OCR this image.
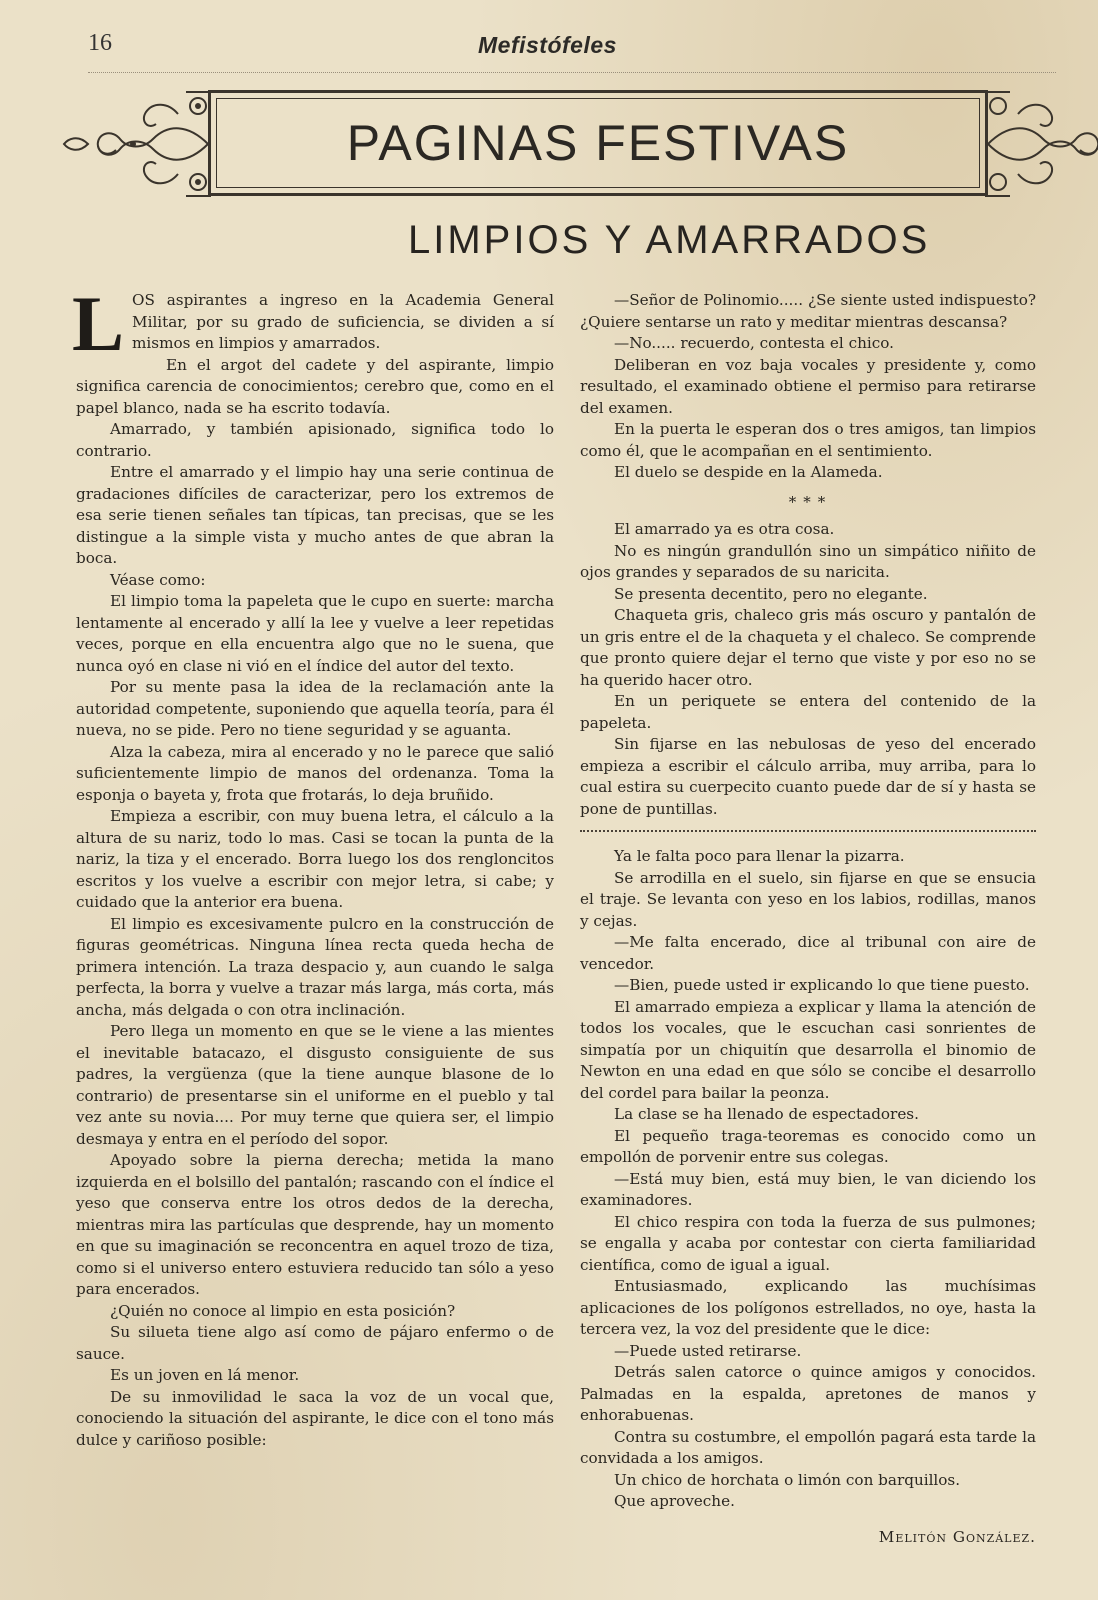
16	Mefistófeles
PAGINAS FESTIVAS
LIMPIOS Y AMARRADOS
L OS aspirantes a ingreso en la Academia General Militar, por su grado de suficiencia, se dividen a sí mismos en limpios y amarrados.

En el argot del cadete y del aspirante, limpio significa carencia de conocimientos; cerebro que, como en el papel blanco, nada se ha escrito todavía.

Amarrado, y también apisionado, significa todo lo contrario.

Entre el amarrado y el limpio hay una serie continua de gradaciones difíciles de caracterizar, pero los extremos de esa serie tienen señales tan típicas, tan precisas, que se les distingue a la simple vista y mucho antes de que abran la boca.

Véase como:

El limpio toma la papeleta que le cupo en suerte: marcha lentamente al encerado y allí la lee y vuelve a leer repetidas veces, porque en ella encuentra algo que no le suena, que nunca oyó en clase ni vió en el índice del autor del texto.

Por su mente pasa la idea de la reclamación ante la autoridad competente, suponiendo que aquella teoría, para él nueva, no se pide. Pero no tiene seguridad y se aguanta.

Alza la cabeza, mira al encerado y no le parece que salió suficientemente limpio de manos del ordenanza. Toma la esponja o bayeta y, frota que frotarás, lo deja bruñido.

Empieza a escribir, con muy buena letra, el cálculo a la altura de su nariz, todo lo mas. Casi se tocan la punta de la nariz, la tiza y el encerado. Borra luego los dos rengloncitos escritos y los vuelve a escribir con mejor letra, si cabe; y cuidado que la anterior era buena.

El limpio es excesivamente pulcro en la construcción de figuras geométricas. Ninguna línea recta queda hecha de primera intención. La traza despacio y, aun cuando le salga perfecta, la borra y vuelve a trazar más larga, más corta, más ancha, más delgada o con otra inclinación.

Pero llega un momento en que se le viene a las mientes el inevitable batacazo, el disgusto consiguiente de sus padres, la vergüenza (que la tiene aunque blasone de lo contrario) de presentarse sin el uniforme en el pueblo y tal vez ante su novia.... Por muy terne que quiera ser, el limpio desmaya y entra en el período del sopor.

Apoyado sobre la pierna derecha; metida la mano izquierda en el bolsillo del pantalón; rascando con el índice el yeso que conserva entre los otros dedos de la derecha, mientras mira las partículas que desprende, hay un momento en que su imaginación se reconcentra en aquel trozo de tiza, como si el universo entero estuviera reducido tan sólo a yeso para encerados.

¿Quién no conoce al limpio en esta posición?

Su silueta tiene algo así como de pájaro enfermo o de sauce.

Es un joven en lá menor.

De su inmovilidad le saca la voz de un vocal que, conociendo la situación del aspirante, le dice con el tono más dulce y cariñoso posible:

—Señor de Polinomio..... ¿Se siente usted indispuesto? ¿Quiere sentarse un rato y meditar mientras descansa?

—No..... recuerdo, contesta el chico.

Deliberan en voz baja vocales y presidente y, como resultado, el examinado obtiene el permiso para retirarse del examen.

En la puerta le esperan dos o tres amigos, tan limpios como él, que le acompañan en el sentimiento.

El duelo se despide en la Alameda.

* * *

El amarrado ya es otra cosa.

No es ningún grandullón sino un simpático niñito de ojos grandes y separados de su naricita.

Se presenta decentito, pero no elegante.

Chaqueta gris, chaleco gris más oscuro y pantalón de un gris entre el de la chaqueta y el chaleco. Se comprende que pronto quiere dejar el terno que viste y por eso no se ha querido hacer otro.

En un periquete se entera del contenido de la papeleta.

Sin fijarse en las nebulosas de yeso del encerado empieza a escribir el cálculo arriba, muy arriba, para lo cual estira su cuerpecito cuanto puede dar de sí y hasta se pone de puntillas.

Ya le falta poco para llenar la pizarra.

Se arrodilla en el suelo, sin fijarse en que se ensucia el traje. Se levanta con yeso en los labios, rodillas, manos y cejas.

—Me falta encerado, dice al tribunal con aire de vencedor.

—Bien, puede usted ir explicando lo que tiene puesto.

El amarrado empieza a explicar y llama la atención de todos los vocales, que le escuchan casi sonrientes de simpatía por un chiquitín que desarrolla el binomio de Newton en una edad en que sólo se concibe el desarrollo del cordel para bailar la peonza.

La clase se ha llenado de espectadores.

El pequeño traga-teoremas es conocido como un empollón de porvenir entre sus colegas.

—Está muy bien, está muy bien, le van diciendo los examinadores.

El chico respira con toda la fuerza de sus pulmones; se engalla y acaba por contestar con cierta familiaridad científica, como de igual a igual.

Entusiasmado, explicando las muchísimas aplicaciones de los polígonos estrellados, no oye, hasta la tercera vez, la voz del presidente que le dice:

—Puede usted retirarse.

Detrás salen catorce o quince amigos y conocidos. Palmadas en la espalda, apretones de manos y enhorabuenas.

Contra su costumbre, el empollón pagará esta tarde la convidada a los amigos.

Un chico de horchata o limón con barquillos.

Que aproveche.

Melitón González.
